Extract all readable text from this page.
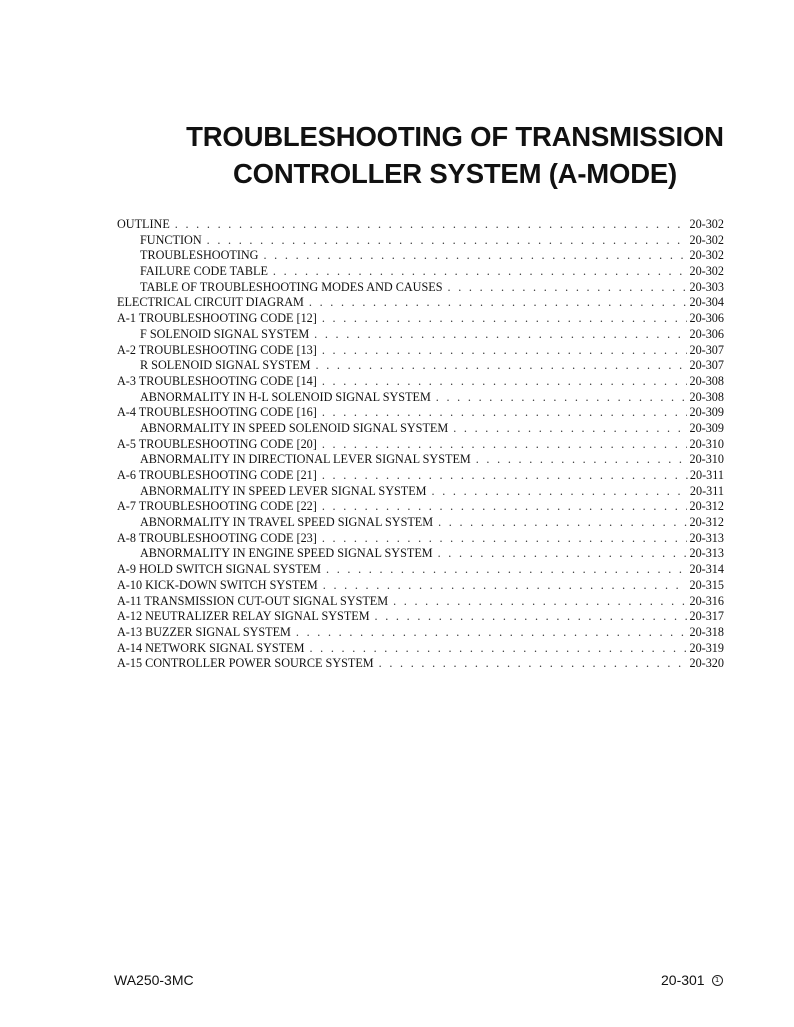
TROUBLESHOOTING OF TRANSMISSION
CONTROLLER SYSTEM (A-MODE)
OUTLINE . . .	20-302
FUNCTION . . .	20-302
TROUBLESHOOTING . . .	20-302
FAILURE CODE TABLE . . .	20-302
TABLE OF TROUBLESHOOTING MODES AND CAUSES . . .	20-303
ELECTRICAL CIRCUIT DIAGRAM . . .	20-304
A-1 TROUBLESHOOTING CODE [12] . . .	20-306
F SOLENOID SIGNAL SYSTEM . . .	20-306
A-2 TROUBLESHOOTING CODE [13] . . .	20-307
R SOLENOID SIGNAL SYSTEM . . .	20-307
A-3 TROUBLESHOOTING CODE [14] . . .	20-308
ABNORMALITY IN H-L SOLENOID SIGNAL SYSTEM . . .	20-308
A-4 TROUBLESHOOTING CODE [16] . . .	20-309
ABNORMALITY IN SPEED SOLENOID SIGNAL SYSTEM . . .	20-309
A-5 TROUBLESHOOTING CODE [20] . . .	20-310
ABNORMALITY IN DIRECTIONAL LEVER SIGNAL SYSTEM . . .	20-310
A-6 TROUBLESHOOTING CODE [21] . . .	20-311
ABNORMALITY IN SPEED LEVER SIGNAL SYSTEM . . .	20-311
A-7 TROUBLESHOOTING CODE [22] . . .	20-312
ABNORMALITY IN TRAVEL SPEED SIGNAL SYSTEM . . .	20-312
A-8 TROUBLESHOOTING CODE [23] . . .	20-313
ABNORMALITY IN ENGINE SPEED SIGNAL SYSTEM . . .	20-313
A-9 HOLD SWITCH SIGNAL SYSTEM . . .	20-314
A-10 KICK-DOWN SWITCH SYSTEM . . .	20-315
A-11 TRANSMISSION CUT-OUT SIGNAL SYSTEM . . .	20-316
A-12 NEUTRALIZER RELAY SIGNAL SYSTEM . . .	20-317
A-13 BUZZER SIGNAL SYSTEM . . .	20-318
A-14 NETWORK SIGNAL SYSTEM . . .	20-319
A-15 CONTROLLER POWER SOURCE SYSTEM . . .	20-320
WA250-3MC	20-301	1
